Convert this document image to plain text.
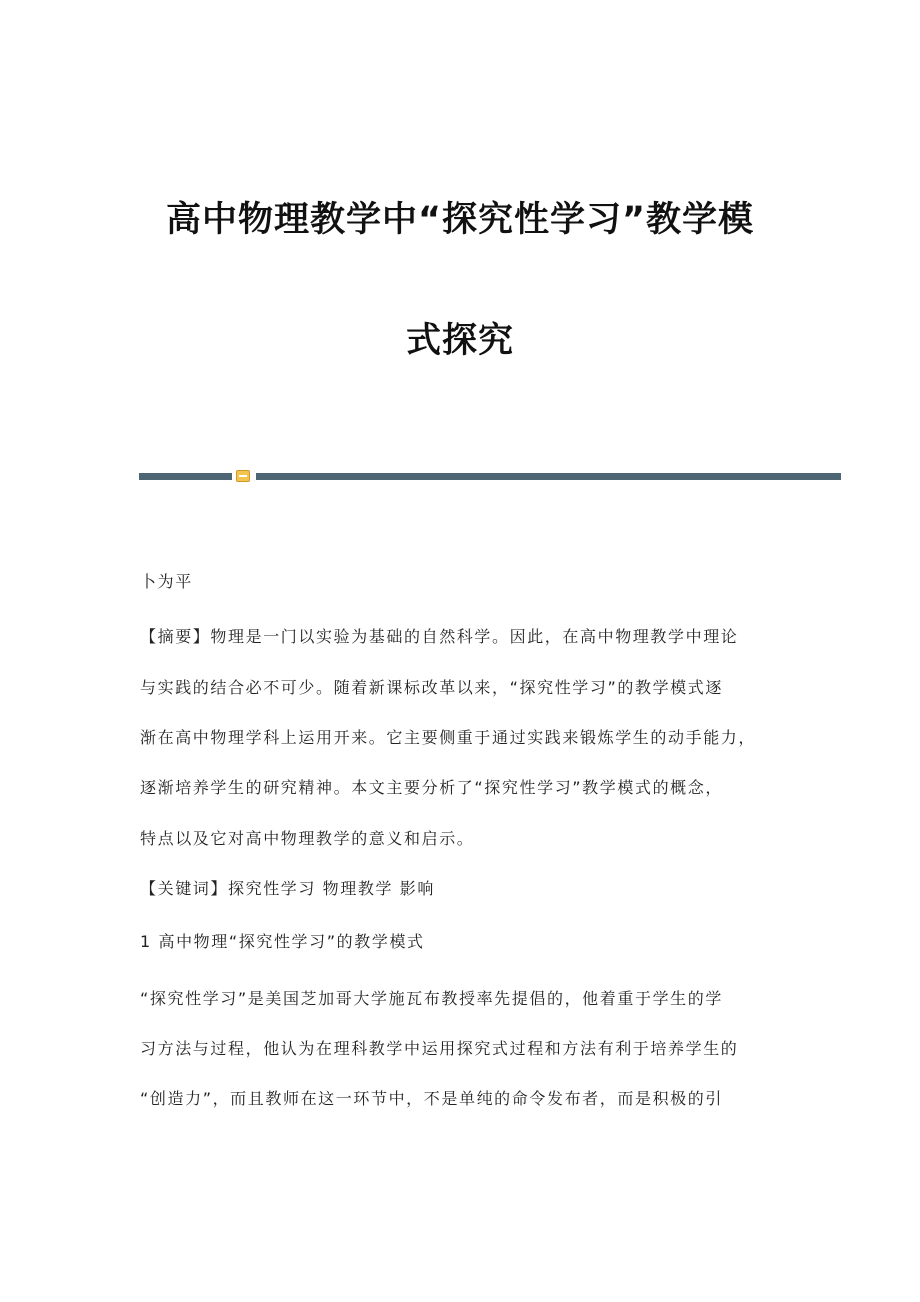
高中物理教学中“探究性学习”教学模
式探究

卜为平

【摘要】物理是一门以实验为基础的自然科学。因此，在高中物理教学中理论

与实践的结合必不可少。随着新课标改革以来，“探究性学习”的教学模式逐

渐在高中物理学科上运用开来。它主要侧重于通过实践来锻炼学生的动手能力，

逐渐培养学生的研究精神。本文主要分析了“探究性学习”教学模式的概念，

特点以及它对高中物理教学的意义和启示。

【关键词】探究性学习 物理教学 影响

1 高中物理“探究性学习”的教学模式

“探究性学习”是美国芝加哥大学施瓦布教授率先提倡的，他着重于学生的学

习方法与过程，他认为在理科教学中运用探究式过程和方法有利于培养学生的

“创造力”，而且教师在这一环节中，不是单纯的命令发布者，而是积极的引
